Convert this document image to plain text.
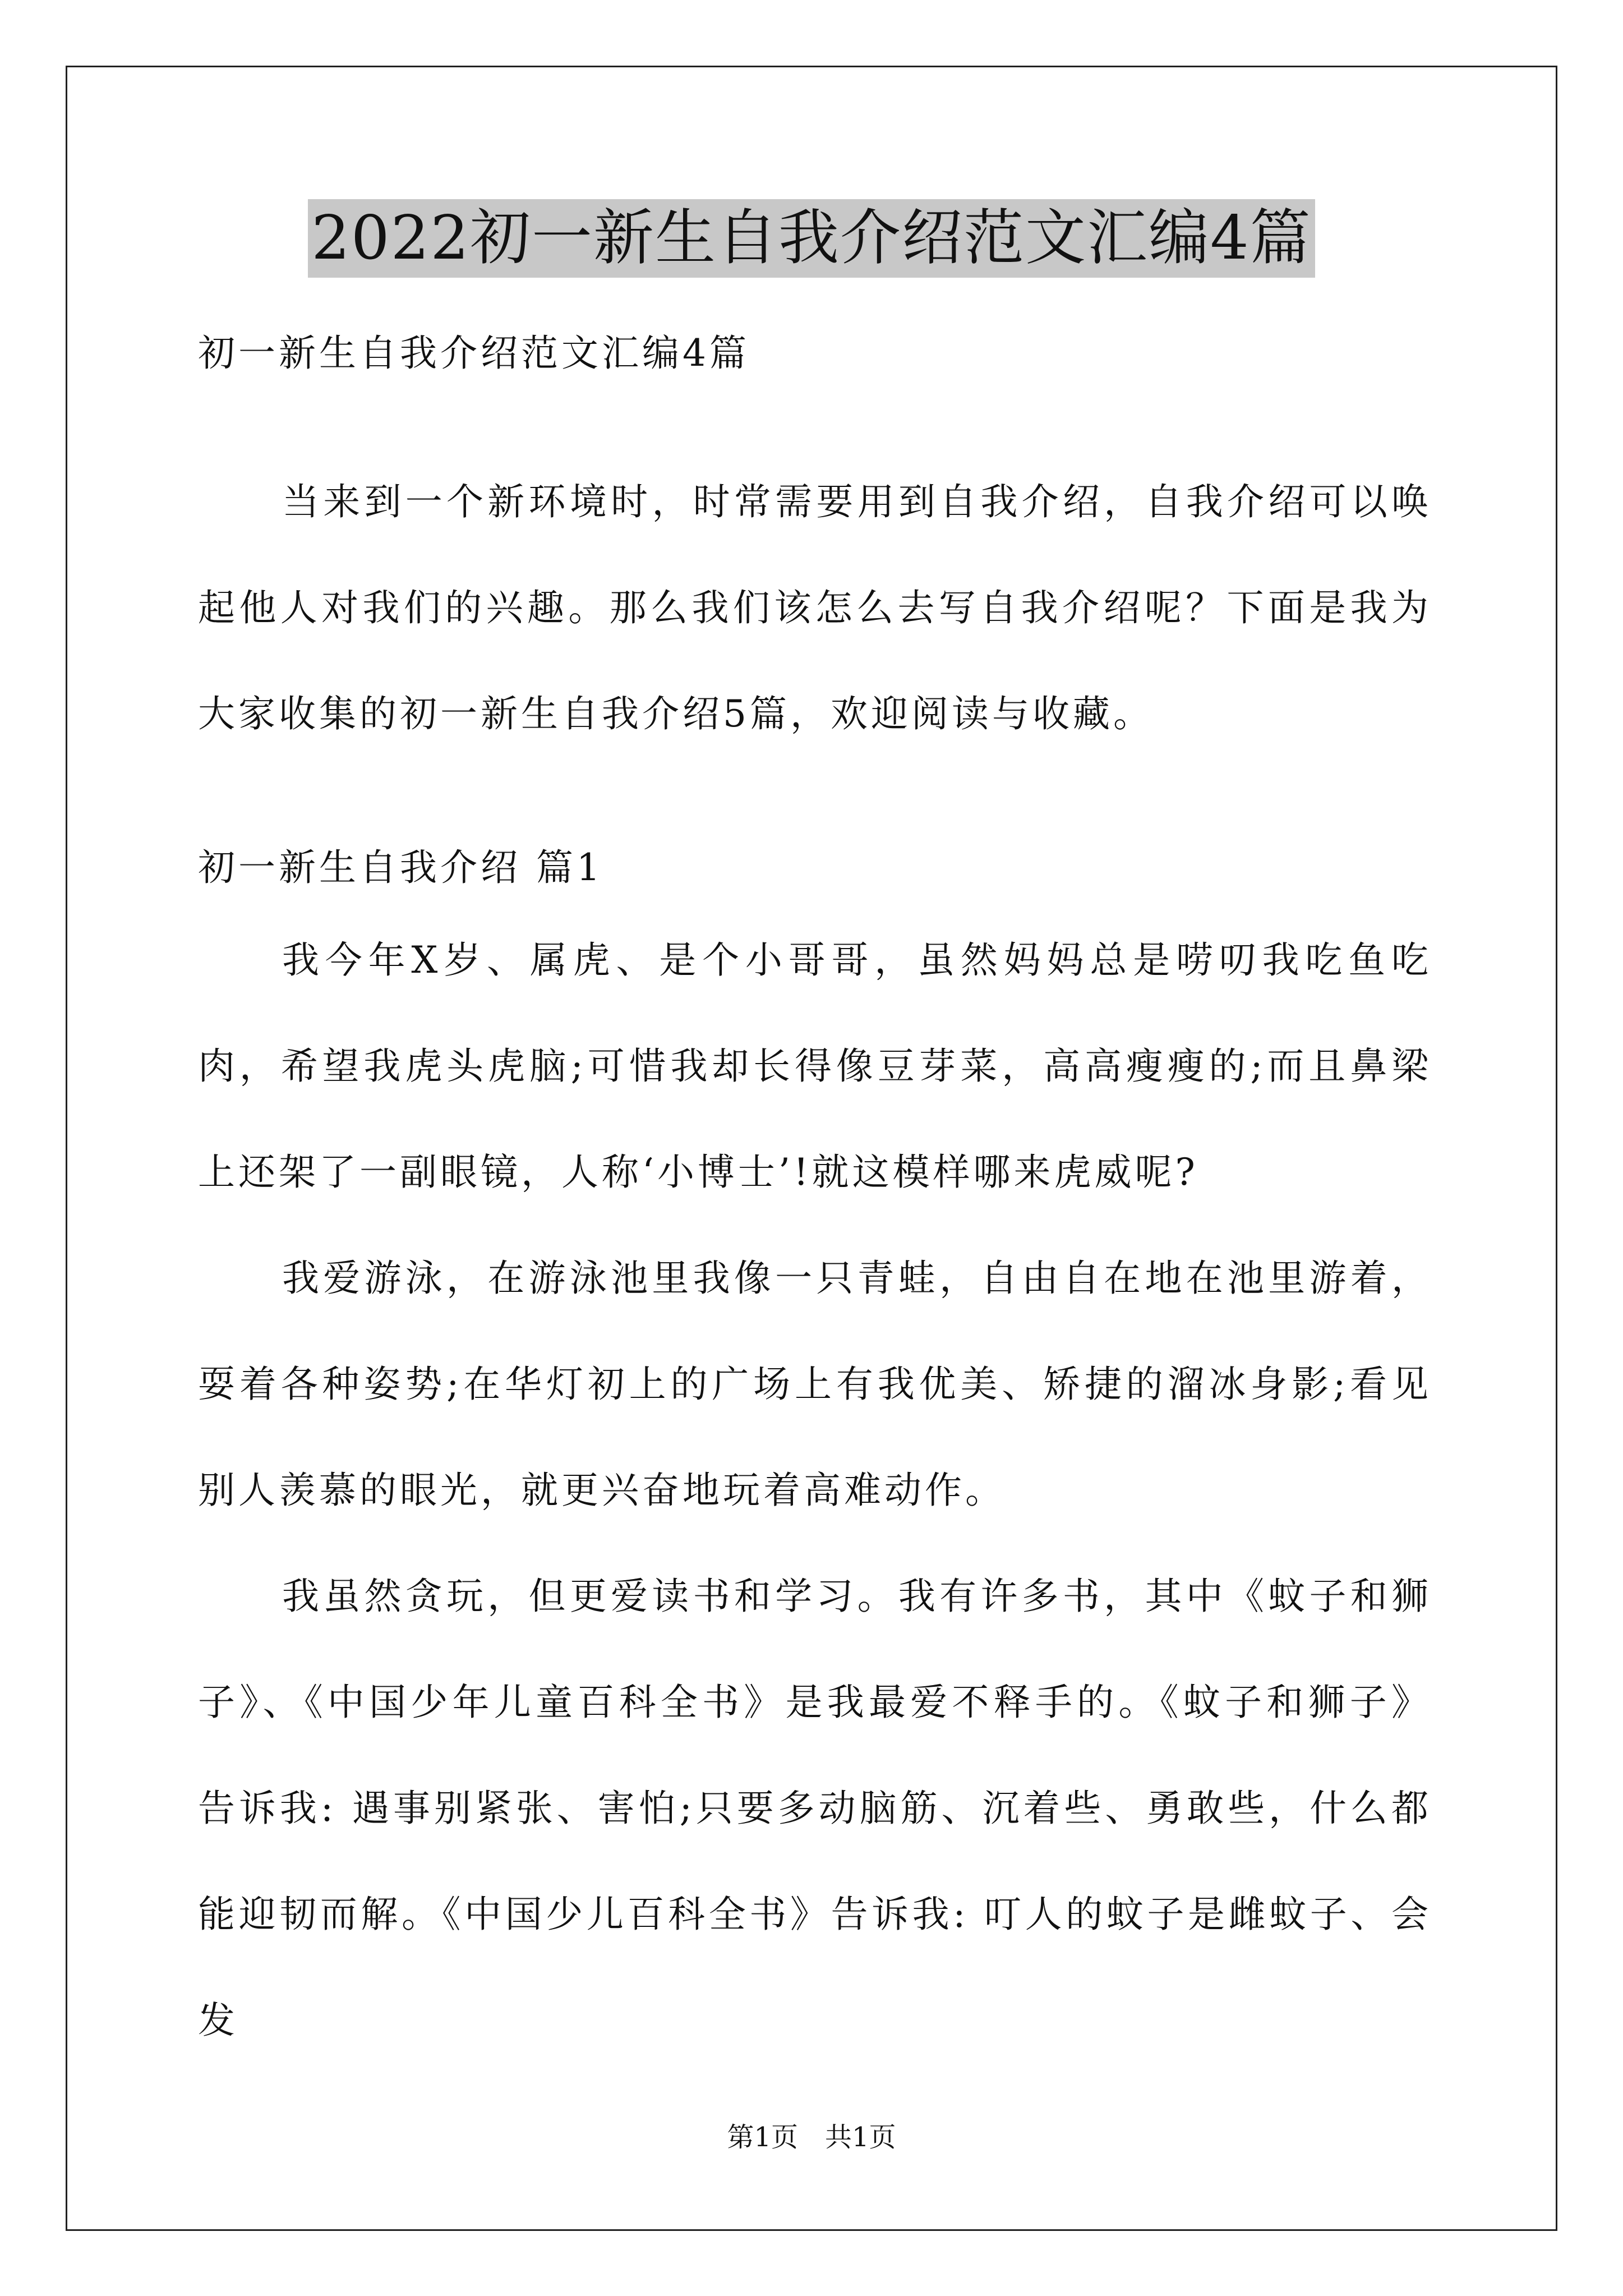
2022初一新生自我介绍范文汇编4篇

初一新生自我介绍范文汇编4篇

当来到一个新环境时，时常需要用到自我介绍，自我介绍可以唤起他人对我们的兴趣。那么我们该怎么去写自我介绍呢？下面是我为大家收集的初一新生自我介绍5篇，欢迎阅读与收藏。

初一新生自我介绍 篇1

我今年X岁、属虎、是个小哥哥，虽然妈妈总是唠叨我吃鱼吃肉，希望我虎头虎脑;可惜我却长得像豆芽菜，高高瘦瘦的;而且鼻梁上还架了一副眼镜，人称‘小博士’!就这模样哪来虎威呢?

我爱游泳，在游泳池里我像一只青蛙，自由自在地在池里游着，耍着各种姿势;在华灯初上的广场上有我优美、矫捷的溜冰身影;看见别人羡慕的眼光，就更兴奋地玩着高难动作。

我虽然贪玩，但更爱读书和学习。我有许多书，其中《蚊子和狮子》、《中国少年儿童百科全书》是我最爱不释手的。《蚊子和狮子》告诉我: 遇事别紧张、害怕;只要多动脑筋、沉着些、勇敢些，什么都能迎韧而解。《中国少儿百科全书》告诉我: 叮人的蚊子是雌蚊子、会发

第1页　共1页
